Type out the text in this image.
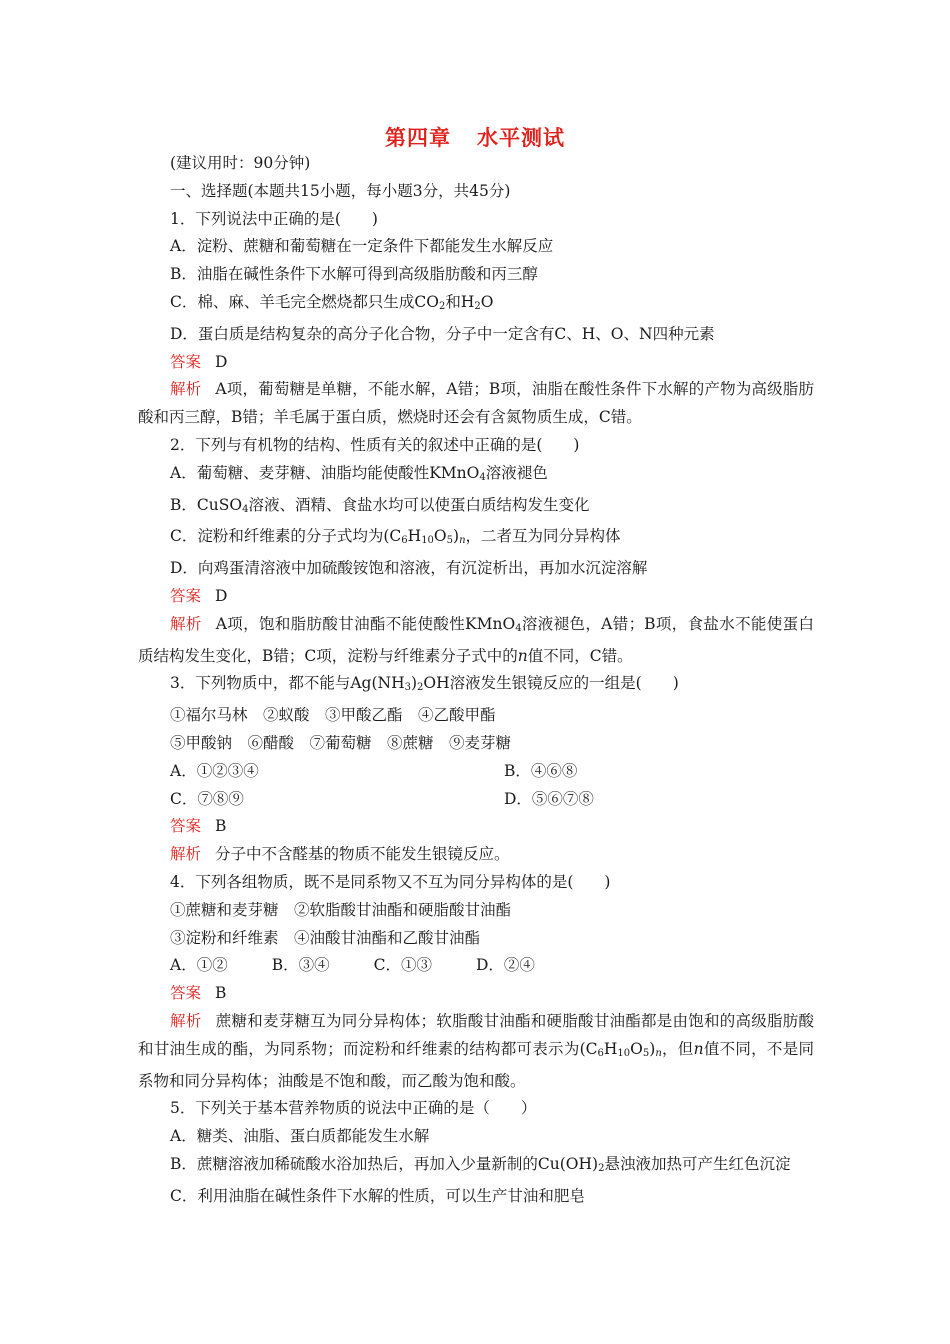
第四章 水平测试
(建议用时：90分钟)
一、选择题(本题共15小题，每小题3分，共45分)
1．下列说法中正确的是(　　)
A．淀粉、蔗糖和葡萄糖在一定条件下都能发生水解反应
B．油脂在碱性条件下水解可得到高级脂肪酸和丙三醇
C．棉、麻、羊毛完全燃烧都只生成$CO_2$和$H_2O$
D．蛋白质是结构复杂的高分子化合物，分子中一定含有C、H、O、N四种元素
答案 D
解析 A项，葡萄糖是单糖，不能水解，A错；B项，油脂在酸性条件下水解的产物为高级脂肪酸和丙三醇，B错；羊毛属于蛋白质，燃烧时还会有含氮物质生成，C错。
2．下列与有机物的结构、性质有关的叙述中正确的是(　　)
A．葡萄糖、麦芽糖、油脂均能使酸性KMnO$_4$溶液褪色
B．CuSO$_4$溶液、酒精、食盐水均可以使蛋白质结构发生变化
C．淀粉和纤维素的分子式均为$(C_6H_{10}O_5)_n$，二者互为同分异构体
D．向鸡蛋清溶液中加硫酸铵饱和溶液，有沉淀析出，再加水沉淀溶解
答案 D
解析 A项，饱和脂肪酸甘油酯不能使酸性KMnO$_4$溶液褪色，A错；B项，食盐水不能使蛋白质结构发生变化，B错；C项，淀粉与纤维素分子式中的n值不同，C错。
3．下列物质中，都不能与$Ag(NH_3)_2OH$溶液发生银镜反应的一组是(　　)
①福尔马林　②蚁酸　③甲酸乙酯　④乙酸甲酯
⑤甲酸钠　⑥醋酸　⑦葡萄糖　⑧蔗糖　⑨麦芽糖
A．①②③④	B．④⑥⑧
C．⑦⑧⑨	D．⑤⑥⑦⑧
答案 B
解析 分子中不含醛基的物质不能发生银镜反应。
4．下列各组物质，既不是同系物又不互为同分异构体的是(　　)
①蔗糖和麦芽糖　②软脂酸甘油酯和硬脂酸甘油酯
③淀粉和纤维素　④油酸甘油酯和乙酸甘油酯
A．①②	B．③④	C．①③	D．②④
答案 B
解析 蔗糖和麦芽糖互为同分异构体；软脂酸甘油酯和硬脂酸甘油酯都是由饱和的高级脂肪酸和甘油生成的酯，为同系物；而淀粉和纤维素的结构都可表示为$(C_6H_{10}O_5)_n$，但n值不同，不是同系物和同分异构体；油酸是不饱和酸，而乙酸为饱和酸。
5．下列关于基本营养物质的说法中正确的是（　　）
A．糖类、油脂、蛋白质都能发生水解
B．蔗糖溶液加稀硫酸水浴加热后，再加入少量新制的$Cu(OH)_2$悬浊液加热可产生红色沉淀
C．利用油脂在碱性条件下水解的性质，可以生产甘油和肥皂
